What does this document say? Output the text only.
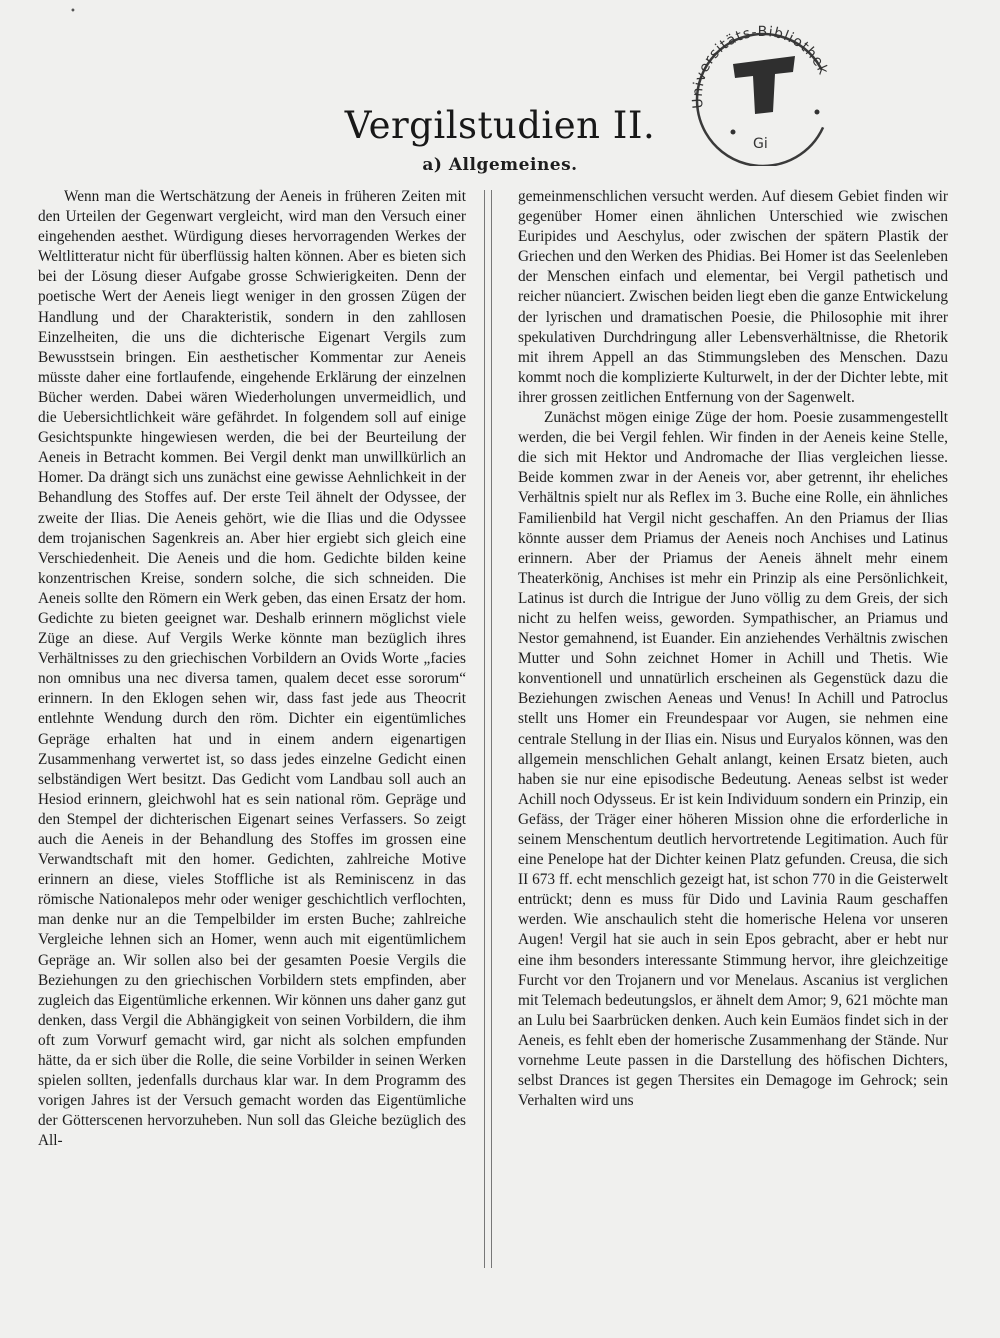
•
Universitäts-Bibliothek
Gi
Vergilstudien II.
a) Allgemeines.

Wenn man die Wertschätzung der Aeneis in früheren Zeiten mit den Urteilen der Gegenwart vergleicht, wird man den Versuch einer eingehenden aesthet. Würdigung dieses hervorragenden Werkes der Weltlitteratur nicht für überflüssig halten können. Aber es bieten sich bei der Lösung dieser Aufgabe grosse Schwierigkeiten. Denn der poetische Wert der Aeneis liegt weniger in den grossen Zügen der Handlung und der Charakteristik, sondern in den zahllosen Einzelheiten, die uns die dichterische Eigenart Vergils zum Bewusstsein bringen. Ein aesthetischer Kommentar zur Aeneis müsste daher eine fortlaufende, eingehende Erklärung der einzelnen Bücher werden. Dabei wären Wiederholungen unvermeidlich, und die Uebersichtlichkeit wäre gefährdet. In folgendem soll auf einige Gesichtspunkte hingewiesen werden, die bei der Beurteilung der Aeneis in Betracht kommen. Bei Vergil denkt man unwillkürlich an Homer. Da drängt sich uns zunächst eine gewisse Aehnlichkeit in der Behandlung des Stoffes auf. Der erste Teil ähnelt der Odyssee, der zweite der Ilias. Die Aeneis gehört, wie die Ilias und die Odyssee dem trojanischen Sagenkreis an. Aber hier ergiebt sich gleich eine Verschiedenheit. Die Aeneis und die hom. Gedichte bilden keine konzentrischen Kreise, sondern solche, die sich schneiden. Die Aeneis sollte den Römern ein Werk geben, das einen Ersatz der hom. Gedichte zu bieten geeignet war. Deshalb erinnern möglichst viele Züge an diese. Auf Vergils Werke könnte man bezüglich ihres Verhältnisses zu den griechischen Vorbildern an Ovids Worte „facies non omnibus una nec diversa tamen, qualem decet esse sororum“ erinnern. In den Eklogen sehen wir, dass fast jede aus Theocrit entlehnte Wendung durch den röm. Dichter ein eigentümliches Gepräge erhalten hat und in einem andern eigenartigen Zusammenhang verwertet ist, so dass jedes einzelne Gedicht einen selbständigen Wert besitzt. Das Gedicht vom Landbau soll auch an Hesiod erinnern, gleichwohl hat es sein national röm. Gepräge und den Stempel der dichterischen Eigenart seines Verfassers. So zeigt auch die Aeneis in der Behandlung des Stoffes im grossen eine Verwandtschaft mit den homer. Gedichten, zahlreiche Motive erinnern an diese, vieles Stoffliche ist als Reminiscenz in das römische Nationalepos mehr oder weniger geschichtlich verflochten, man denke nur an die Tempelbilder im ersten Buche; zahlreiche Vergleiche lehnen sich an Homer, wenn auch mit eigentümlichem Gepräge an. Wir sollen also bei der gesamten Poesie Vergils die Beziehungen zu den griechischen Vorbildern stets empfinden, aber zugleich das Eigentümliche erkennen. Wir können uns daher ganz gut denken, dass Vergil die Abhängigkeit von seinen Vorbildern, die ihm oft zum Vorwurf gemacht wird, gar nicht als solchen empfunden hätte, da er sich über die Rolle, die seine Vorbilder in seinen Werken spielen sollten, jedenfalls durchaus klar war. In dem Programm des vorigen Jahres ist der Versuch gemacht worden das Eigentümliche der Götterscenen hervorzuheben. Nun soll das Gleiche bezüglich des All-

gemeinmenschlichen versucht werden. Auf diesem Gebiet finden wir gegenüber Homer einen ähnlichen Unterschied wie zwischen Euripides und Aeschylus, oder zwischen der spätern Plastik der Griechen und den Werken des Phidias. Bei Homer ist das Seelenleben der Menschen einfach und elementar, bei Vergil pathetisch und reicher nüanciert. Zwischen beiden liegt eben die ganze Entwickelung der lyrischen und dramatischen Poesie, die Philosophie mit ihrer spekulativen Durchdringung aller Lebensverhältnisse, die Rhetorik mit ihrem Appell an das Stimmungsleben des Menschen. Dazu kommt noch die komplizierte Kulturwelt, in der der Dichter lebte, mit ihrer grossen zeitlichen Entfernung von der Sagenwelt.

Zunächst mögen einige Züge der hom. Poesie zusammengestellt werden, die bei Vergil fehlen. Wir finden in der Aeneis keine Stelle, die sich mit Hektor und Andromache der Ilias vergleichen liesse. Beide kommen zwar in der Aeneis vor, aber getrennt, ihr eheliches Verhältnis spielt nur als Reflex im 3. Buche eine Rolle, ein ähnliches Familienbild hat Vergil nicht geschaffen. An den Priamus der Ilias könnte ausser dem Priamus der Aeneis noch Anchises und Latinus erinnern. Aber der Priamus der Aeneis ähnelt mehr einem Theaterkönig, Anchises ist mehr ein Prinzip als eine Persönlichkeit, Latinus ist durch die Intrigue der Juno völlig zu dem Greis, der sich nicht zu helfen weiss, geworden. Sympathischer, an Priamus und Nestor gemahnend, ist Euander. Ein anziehendes Verhältnis zwischen Mutter und Sohn zeichnet Homer in Achill und Thetis. Wie konventionell und unnatürlich erscheinen als Gegenstück dazu die Beziehungen zwischen Aeneas und Venus! In Achill und Patroclus stellt uns Homer ein Freundespaar vor Augen, sie nehmen eine centrale Stellung in der Ilias ein. Nisus und Euryalos können, was den allgemein menschlichen Gehalt anlangt, keinen Ersatz bieten, auch haben sie nur eine episodische Bedeutung. Aeneas selbst ist weder Achill noch Odysseus. Er ist kein Individuum sondern ein Prinzip, ein Gefäss, der Träger einer höheren Mission ohne die erforderliche in seinem Menschentum deutlich hervortretende Legitimation. Auch für eine Penelope hat der Dichter keinen Platz gefunden. Creusa, die sich II 673 ff. echt menschlich gezeigt hat, ist schon 770 in die Geisterwelt entrückt; denn es muss für Dido und Lavinia Raum geschaffen werden. Wie anschaulich steht die homerische Helena vor unseren Augen! Vergil hat sie auch in sein Epos gebracht, aber er hebt nur eine ihm besonders interessante Stimmung hervor, ihre gleichzeitige Furcht vor den Trojanern und vor Menelaus. Ascanius ist verglichen mit Telemach bedeutungslos, er ähnelt dem Amor; 9, 621 möchte man an Lulu bei Saarbrücken denken. Auch kein Eumäos findet sich in der Aeneis, es fehlt eben der homerische Zusammenhang der Stände. Nur vornehme Leute passen in die Darstellung des höfischen Dichters, selbst Drances ist gegen Thersites ein Demagoge im Gehrock; sein Verhalten wird uns
